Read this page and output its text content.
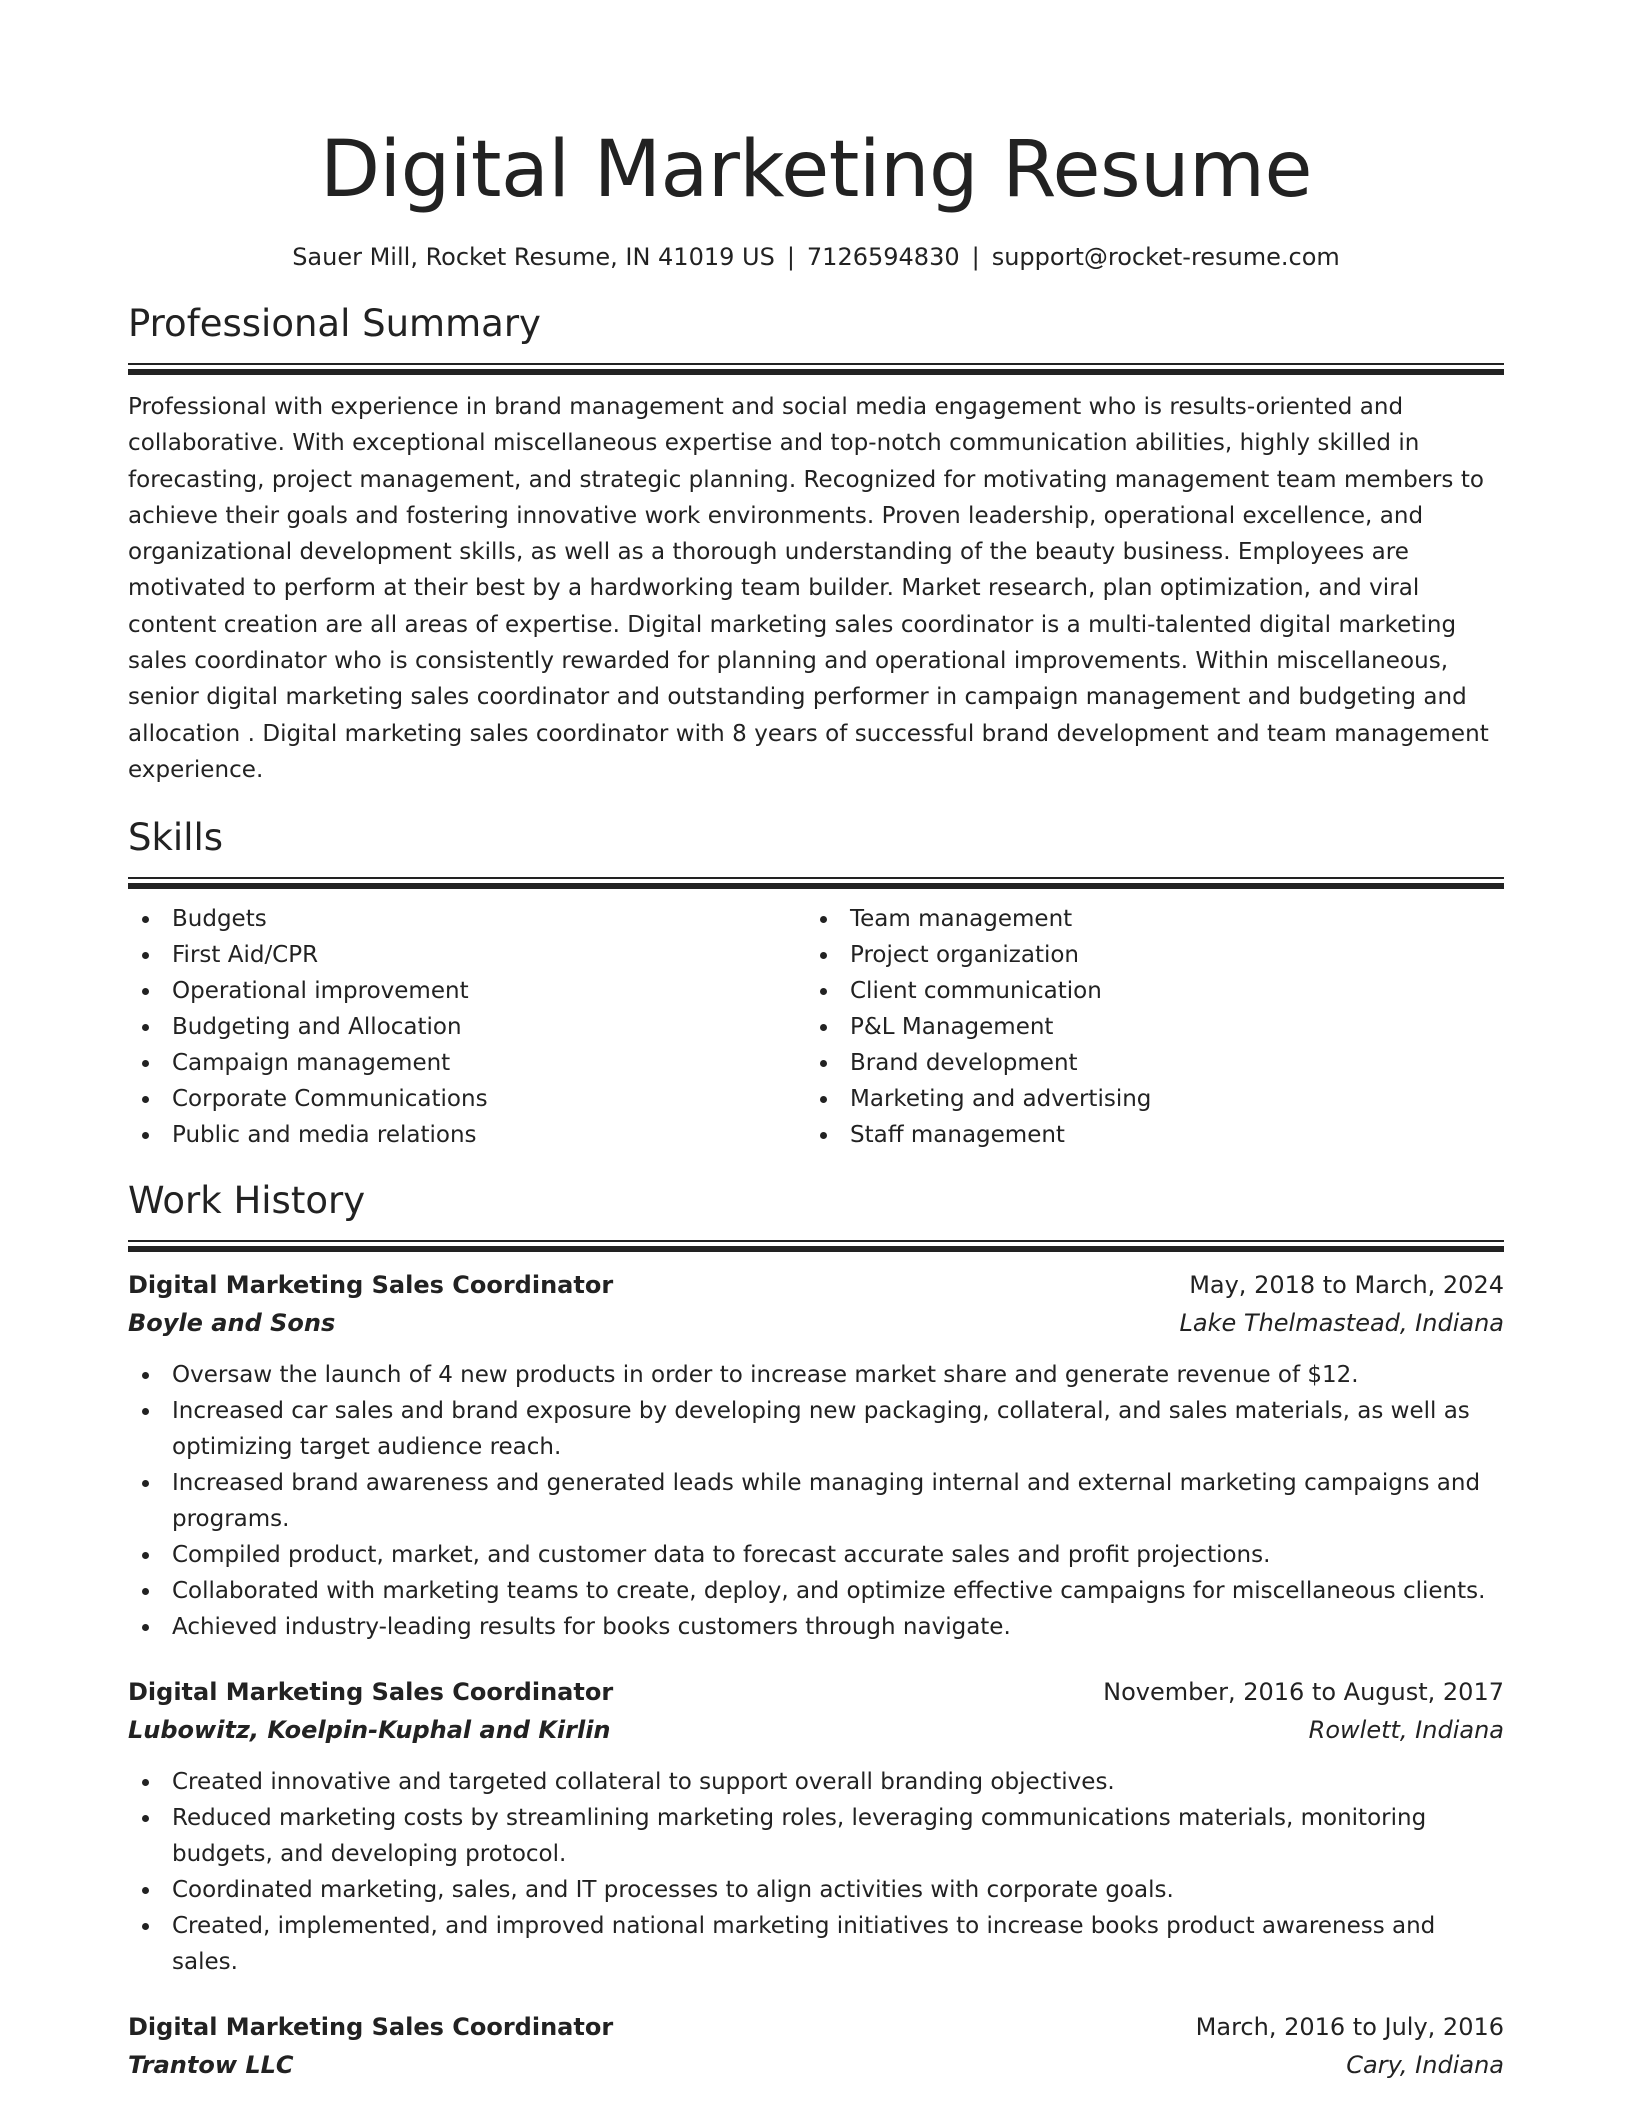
Digital Marketing Resume
Sauer Mill, Rocket Resume, IN 41019 US | 7126594830 | support@rocket-resume.com
Professional Summary

Professional with experience in brand management and social media engagement who is results-oriented and collaborative. With exceptional miscellaneous expertise and top-notch communication abilities, highly skilled in forecasting, project management, and strategic planning. Recognized for motivating management team members to achieve their goals and fostering innovative work environments. Proven leadership, operational excellence, and organizational development skills, as well as a thorough understanding of the beauty business. Employees are motivated to perform at their best by a hardworking team builder. Market research, plan optimization, and viral content creation are all areas of expertise. Digital marketing sales coordinator is a multi-talented digital marketing sales coordinator who is consistently rewarded for planning and operational improvements. Within miscellaneous, senior digital marketing sales coordinator and outstanding performer in campaign management and budgeting and allocation . Digital marketing sales coordinator with 8 years of successful brand development and team management experience.

Skills
Budgets
First Aid/CPR
Operational improvement
Budgeting and Allocation
Campaign management
Corporate Communications
Public and media relations
Team management
Project organization
Client communication
P&L Management
Brand development
Marketing and advertising
Staff management
Work History
Digital Marketing Sales Coordinator	May, 2018 to March, 2024
Boyle and Sons	Lake Thelmastead, Indiana
Oversaw the launch of 4 new products in order to increase market share and generate revenue of $12.
Increased car sales and brand exposure by developing new packaging, collateral, and sales materials, as well as optimizing target audience reach.
Increased brand awareness and generated leads while managing internal and external marketing campaigns and programs.
Compiled product, market, and customer data to forecast accurate sales and profit projections.
Collaborated with marketing teams to create, deploy, and optimize effective campaigns for miscellaneous clients.
Achieved industry-leading results for books customers through navigate.
Digital Marketing Sales Coordinator	November, 2016 to August, 2017
Lubowitz, Koelpin-Kuphal and Kirlin	Rowlett, Indiana
Created innovative and targeted collateral to support overall branding objectives.
Reduced marketing costs by streamlining marketing roles, leveraging communications materials, monitoring budgets, and developing protocol.
Coordinated marketing, sales, and IT processes to align activities with corporate goals.
Created, implemented, and improved national marketing initiatives to increase books product awareness and sales.
Digital Marketing Sales Coordinator	March, 2016 to July, 2016
Trantow LLC	Cary, Indiana
